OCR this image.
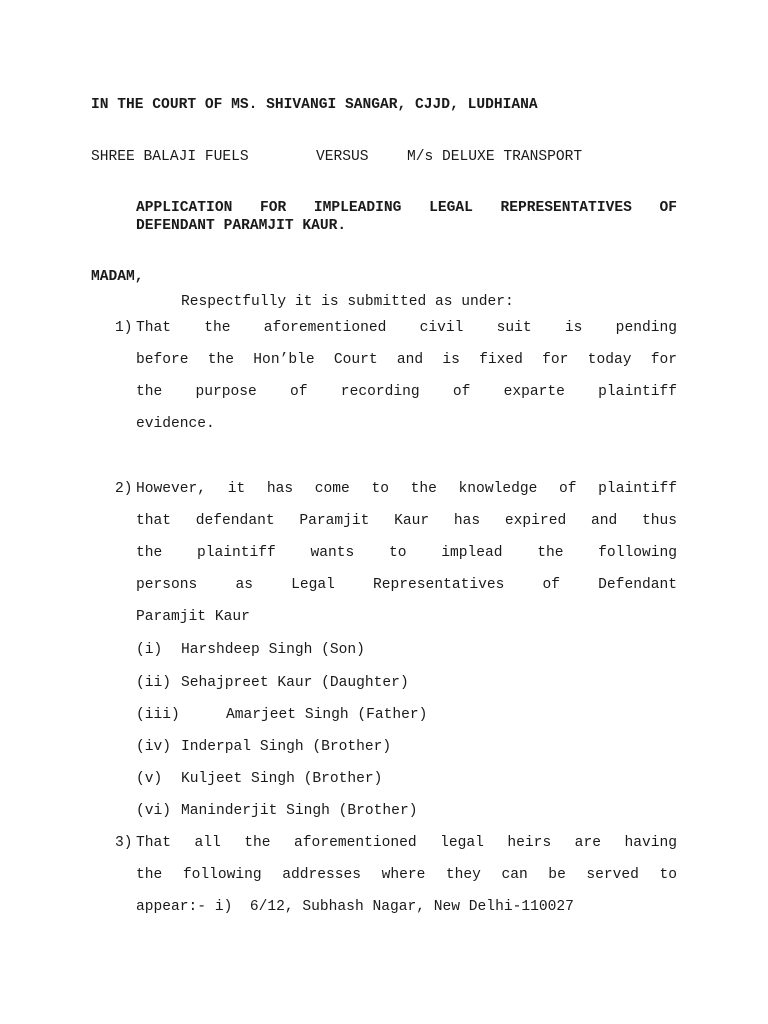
IN THE COURT OF MS. SHIVANGI SANGAR, CJJD, LUDHIANA
SHREE BALAJI FUELS	VERSUS	M/s DELUXE TRANSPORT
APPLICATION FOR IMPLEADING LEGAL REPRESENTATIVES OF
DEFENDANT PARAMJIT KAUR.
MADAM,
Respectfully it is submitted as under:
1) That the aforementioned civil suit is pending
before the Hon’ble Court and is fixed for today for
the purpose of recording of exparte plaintiff
evidence.
2) However, it has come to the knowledge of plaintiff
that defendant Paramjit Kaur has expired and thus
the plaintiff wants to implead the following
persons as Legal Representatives of Defendant
Paramjit Kaur
(i) Harshdeep Singh (Son)
(ii) Sehajpreet Kaur (Daughter)
(iii)	Amarjeet Singh (Father)
(iv) Inderpal Singh (Brother)
(v) Kuljeet Singh (Brother)
(vi) Maninderjit Singh (Brother)
3) That all the aforementioned legal heirs are having
the following addresses where they can be served to
appear:- i)  6/12, Subhash Nagar, New Delhi-110027
